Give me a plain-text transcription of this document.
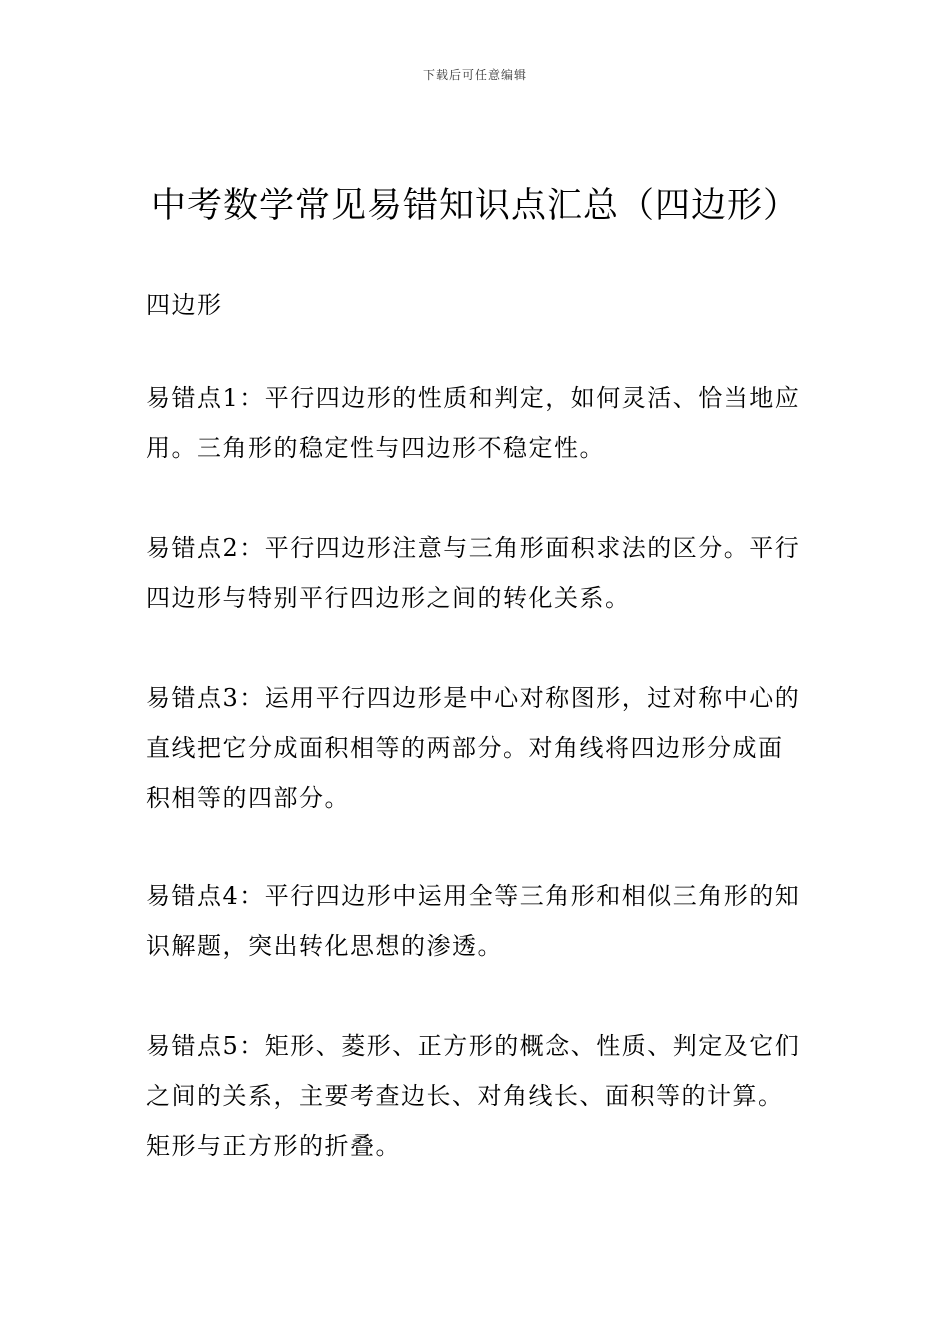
下载后可任意编辑
中考数学常见易错知识点汇总（四边形）

四边形

易错点1：平行四边形的性质和判定，如何灵活、恰当地应用。三角形的稳定性与四边形不稳定性。

易错点2：平行四边形注意与三角形面积求法的区分。平行四边形与特别平行四边形之间的转化关系。

易错点3：运用平行四边形是中心对称图形，过对称中心的直线把它分成面积相等的两部分。对角线将四边形分成面积相等的四部分。

易错点4：平行四边形中运用全等三角形和相似三角形的知识解题，突出转化思想的渗透。

易错点5：矩形、菱形、正方形的概念、性质、判定及它们之间的关系，主要考查边长、对角线长、面积等的计算。矩形与正方形的折叠。
